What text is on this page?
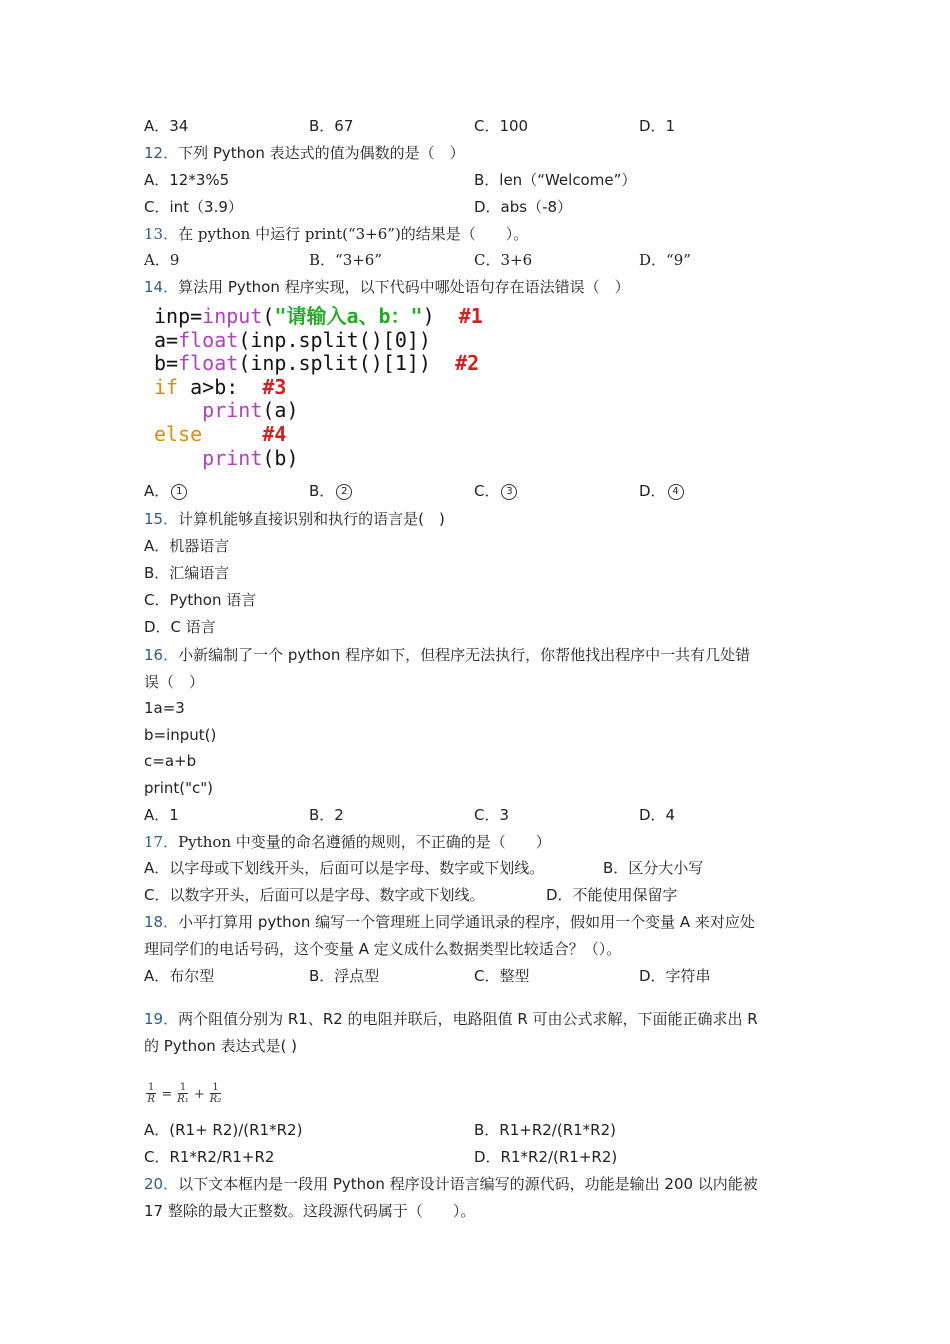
A．34	B．67	C．100	D．1
12．下列 Python 表达式的值为偶数的是（　）
A．12*3%5	B．len（“Welcome”）
C．int（3.9）	D．abs（-8）
13．在 python 中运行 print(“3+6”)的结果是（　　）。
A．9	B．“3+6”	C．3+6	D．“9”
14．算法用 Python 程序实现，以下代码中哪处语句存在语法错误（　）
inp=input("请输入a、b：")  #1
a=float(inp.split()[0])
b=float(inp.split()[1])  #2
if a>b:  #3
print(a)
else	#4
print(b)
A． 1	B． 2	C． 3	D． 4
15．计算机能够直接识别和执行的语言是(　)
A．机器语言
B．汇编语言
C．Python 语言
D．C 语言
16．小新编制了一个 python 程序如下，但程序无法执行，你帮他找出程序中一共有几处错
误（　）
1a=3
b=input()
c=a+b
print("c")
A．1	B．2	C．3	D．4
17．Python 中变量的命名遵循的规则，不正确的是（　　）
A．以字母或下划线开头，后面可以是字母、数字或下划线。	B．区分大小写
C．以数字开头，后面可以是字母、数字或下划线。	D．不能使用保留字
18．小平打算用 python 编写一个管理班上同学通讯录的程序，假如用一个变量 A 来对应处
理同学们的电话号码，这个变量 A 定义成什么数据类型比较适合？（）。
A．布尔型	B．浮点型	C．整型	D．字符串
19．两个阻值分别为 R1、R2 的电阻并联后，电路阻值 R 可由公式求解，下面能正确求出 R
的 Python 表达式是( )
$\frac{1}{R} = \frac{1}{\text{R₁}} + \frac{1}{\text{R₂}}$
A．(R1+ R2)/(R1*R2)	B．R1+R2/(R1*R2)
C．R1*R2/R1+R2	D．R1*R2/(R1+R2)
20．以下文本框内是一段用 Python 程序设计语言编写的源代码，功能是输出 200 以内能被
17 整除的最大正整数。这段源代码属于（　　）。
